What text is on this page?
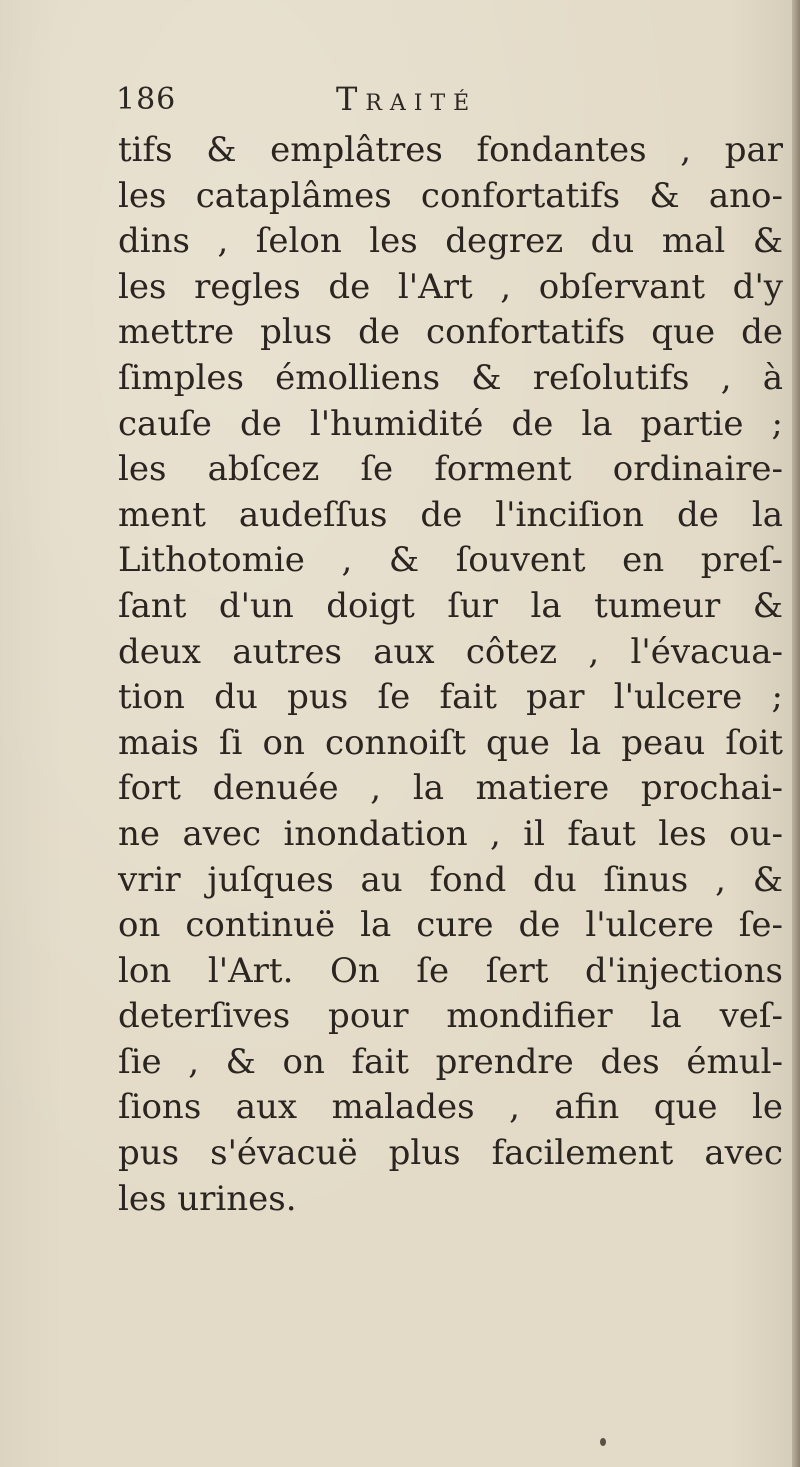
186	Traité
tifs & emplâtres fondantes , par
les cataplâmes confortatifs & ano-
dins , ſelon les degrez du mal &
les regles de l'Art , obſervant d'y
mettre plus de confortatifs que de
ſimples émolliens & reſolutifs , à
cauſe de l'humidité de la partie ;
les abſcez ſe forment ordinaire-
ment audeſſus de l'inciſion de la
Lithotomie , & ſouvent en preſ-
ſant d'un doigt ſur la tumeur &
deux autres aux côtez , l'évacua-
tion du pus ſe fait par l'ulcere ;
mais ſi on connoiſt que la peau ſoit
fort denuée , la matiere prochai-
ne avec inondation , il faut les ou-
vrir juſques au fond du ſinus , &
on continuë la cure de l'ulcere ſe-
lon l'Art. On ſe ſert d'injections
deterſives pour mondifier la veſ-
ſie , & on fait prendre des émul-
ſions aux malades , afin que le
pus s'évacuë plus facilement avec
les urines.
